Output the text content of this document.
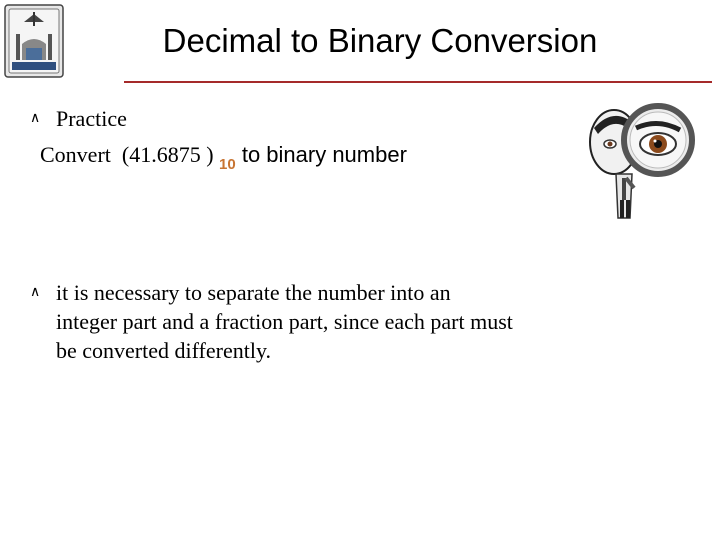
Decimal to Binary Conversion
∧ Practice
Convert  (41.6875 ) $_{10}$ to binary number
∧ it is necessary to separate the number into an integer part and a fraction part, since each part must be converted differently.
